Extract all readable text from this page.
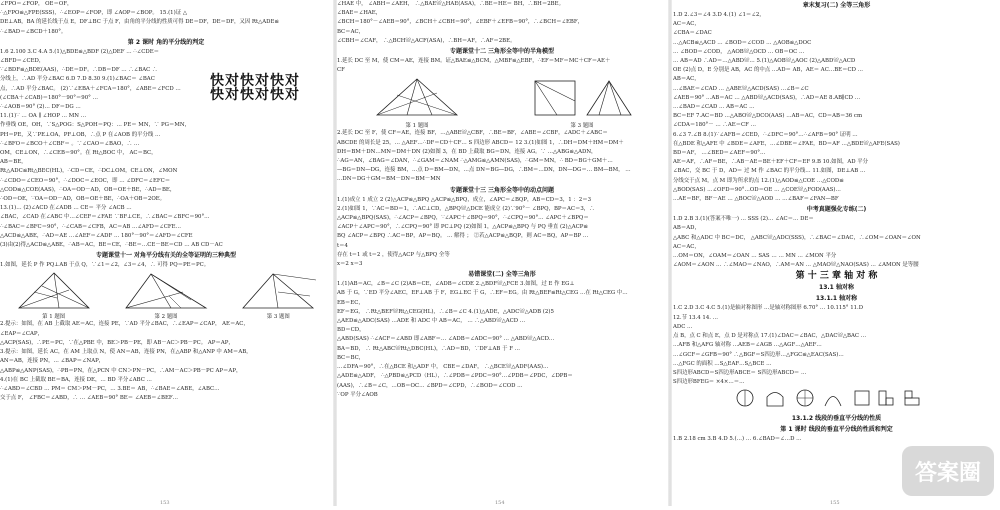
∠FPO＝∠FOP， OE＝OF，
∴△FPO≌△FPE(SSS)，∴∠EOP＝∠FOP，即 ∠AOP＝∠BOP。 15.(1)证 △
DE⊥AB，BA 的延长线于点 E，DF⊥BC 于点 F，由角的平分线的性质可得 DE＝DF，DE＝DF，又因 Rt△ADE≌
∴∠BAD＝∠BCD＋180°。
第 2 课时 角的平分线的判定
1.6 2.100 3.C 4.A 5.(1)△BDE≌△BDF (2)△DEF … ∴∠CDE＝
∠BFD＝∠CED，
∵∠BDF≌△BDE(AAS)，∴DE＝DF。∴DB＝DF … ∴∠BAC ∴
分线上，∴AD 平分∠BAC 6.D 7.D 8.30 9.(1)∠BAC＝ ∠BAC
点，∴AD 平分∠BAC。 (2)∵∠EBA＋∠FCA＝180°，∠ABE＝∠FCD …
(∠CBA＋∠CAB)＝180°－90°＝90° …
∴∠AOB＝90° (2)… DF＝DG …
11.(1)∵ … OA ∥ ∠HOP … MN …
作垂线 OE，OH，∵S△POG：S△POH＝PQ：… PE＝ MN，∵ PG＝MN，
PH＝PE，又∵PE⊥OA，PF⊥OB，∴点 P 在∠AOB 的平分线 …
∴∠BFO＝∠BCO＋∠CBF＝ 。∵∠CAO＝∠BAO，∴ …
OM，CE⊥ON，∴∠CEB＝90°。在 Rt△BOC 中， AC＝BC，
AB＝BE，
Rt△ADC≌Rt△BEC(HL)，∴CD＝CE，∴DC⊥OM，CE⊥ON，∠MON
∴∠CDO＝∠CEO＝90°，∴∠DOC＝∠EOC，即 … ∠DFC＝∠EFC＝
△COD≌△COE(AAS)，∴OA＝OD－AD，OB＝OE＋BE，∴AD＝BE，
∴OD＝OE，∵OA＝OD－AD，OB＝OE＋BE，∴OA＋OB＝2OE。
13.(1)… (2)∠ACD 在∠ADB … CE＝ 平分 ∠ACB …
∠BAC，∠CAD 在∠ABC 中…∠CEF＝∠FAE ∵BF⊥CE，∴∠BAC＝∠BFC＝90°…
∴∠BAC＝∠BFC＝90°，∴∠CAB＝∠CFB，AC＝AB …∠AFD＝∠CFE…
△ACD≌△ABE，∴AD＝AE …∠AEF＝∠ADF … 180°－90°＝∠AFD＝∠CFE
(3)由(2)得△ACD≌△ABE，∴AB＝AC，BE＝CE，∴BE＝…CE－BE＝CD … AB CD－AC
专题课堂十一 对角平分线有关的全等证明的三种典型
1.如图，延长 P 作 PQ⊥AB 于点 Q，∵∠1＝∠2，∠3＝∠4，∴ 可得 PQ＝PE＝PC。
第 1 题图	第 2 题图	第 3 题图
2.提示：如图，在 AB 上截取 AE＝AC，连接 PE，∵AD 平分∠BAC，∴∠EAP＝∠CAP， AE＝AC，
∠EAP＝∠CAP，
△ACP(SAS)，∴PE＝PC，∵在△PBE 中，BE＞PB－PE，即 AB－AC＞PB－PC。 AP＝AP，
3.提示：如图，延长 AC，在 AM 上取点 N，使 AN＝AB，连接 PN，在△ABP 和△ANP 中 AM＝AB，
AN＝AB，连接 PN，… ∠BAP＝∠NAP，
△ABP≌△ANP(SAS)，∴PB＝PN，在△PCN 中 CN＞PN－PC，∴AM－AC＞PB－PC AP＝AP，
4.(1)在 BC 上截取 BE＝BA，连接 DE，… BD 平分∠ABC …
∴∠ABD＝∠CBD … PM＝ CM＞PM－PC，… 3.BE＝ AB，∴∠BAE＝∠ABE，∠ABC…
交于点 F， ∠FBC＝∠ABD，∴ … ∠AEB＝90° BE＝ ∠AEB＝∠BEF…
∠HAE 中， ∠ABH＝∠AEH， ∴△BAE≌△HAE(ASA)，∴BE＝HE＝ BH，∴BH＝2BE。
∠BAE＝∠HAE，
∠BCH＝180°－∠AEB＝90°，∠BCH＋∠CBH＝90°，∠EBF＋∠EFB＝90°，∴∠BCH＝∠EBF，
BC＝AC，
∠CBH＝∠CAF， ∴△BCH≌△ACF(ASA)，∴BH＝AF，∴AF＝2BE。
专题课堂十二 三角形全等中的半角模型
1.延长 DC 至 M，使 CM＝AE，连接 BM。证△BAE≌△BCM，△MBF≌△EBF，∴EF＝MF＝MC＋CF＝AE＋
CF
第 1 题图	第 3 题图
2.延长 DC 至 F，使 CF＝AE，连接 BF，…△ABE≌△CBF，∴BE＝BF，∠ABE＝∠CBF，∠ADC＋∠ABC＝
ABCDE 的周长是 25，… △AEF…∴DF＝CD＋CF… S 四边形 ABCD＝ 12 3.(1)如图 1，∴DH＝DM＋HM＝DM＋
DH＝BM＋DN…MN＝DM＋DN (2)如图 3，在 BD 上截取 BG＝DN，连接 AG。∵ …△ABG≌△ADN，
∴AG＝AN，∠BAG＝∠DAN，∴∠GAM＝∠NAM ∴△AMG≌△AMN(SAS)，∴GM＝MN，∴ BD＝BG＋GM＋…
—BG＝DN—DG，连接 BM，…点 D＝BM—DN，…点 DN＝BG—DG，∴BM＝…DN，DN—DG＝… BM—BM， …
…DN＝DG＋GM＝BM－DN＝BM－MN
专题课堂十三 三角形全等中的动点问题
1.(1)成立 1 成立 2 (2)△ACP≌△BPQ △ACP≌△BPQ，成立，∠APC＝∠BQP，AB＝CD＝3，1 ：2＝3
2.(1)如图 1，∵AC＝BD＝1，∴AC⊥CD，△BPQ≌△DCE 能成立 (2)∵90°－ ∠BPQ，BP＝AC＝3，∴
△ACP≌△BPQ(SAS)，∴∠ACP＝∠BPQ，∵∠APC＋∠BPQ＝90°，∴∠CPQ＝90°… ∠APC＋∠BPQ＝
∠ACP＋∠APC＝90°，∴∠CPQ＝90° 即 PC⊥PQ (2)如图 1，△ACP≌△BPQ 与 PQ 垂直 (2)△ACP≌
BQ ∠ACP＝∠BPQ ∴AC＝BP，AP＝BQ。 … 解得 ； ②若△ACP≌△BQP，则 AC＝BQ，AP＝BP …
t＝4
存在 t＝1 或 t＝2 ，使得△ACP 与△BPQ 全等
x＝2 x＝3
易错课堂(二) 全等三角形
1.(1)AB＝AC，∠B＝∠C (2)AB＝CE，∠ADB＝∠CDE 2.△BDF≌△FCE 3.如图，过 E 作 EG⊥
AB 于 G，∵ED 平分∠AEC，EF⊥AB 于 F，EG⊥EC 于 G，∴EF＝EG。由 Rt△BEF≌Rt△CEG …在 Rt△CEG 中…
EB＝EC，
EF＝EG， ∴Rt△BEF≌Rt△CEG(HL)，∴∠B＝∠C 4.(1)△ADE，△ADC≌△ADB (2)5
△AED≌△ADC(SAS) …ADE 和 ADC 中 AB＝AC， … ∴△ABD≌△ACD …
BD＝CD，
△ABD(SAS) ∴∠ACF＝∠ABD 即∠ABF＝… ∠ADB＝∠ADC＝90° … △ABD≌△ACD…
BA＝BD， ∴ Rt△ABC≌Rt△DBC(HL)，∴AD＝BD，∵DF⊥AB 于 F …
BC＝BC，
…∠DFA＝90°，∴在△BCE 和△ADF 中， CBE＝∠DAF， ∴△BCE≌△ADF(AAS)…
△ADE≌△ADF， ∴△PBD≌△PCD（HL），∴∠PDB＝∠PDC＝90°…∠PDB＝∠PDC，∠DPB＝
(AAS)，∴∠B＝∠C，…OB＝OC… ∠BPD＝∠CPD，∴∠BOD＝∠COD …
∵OP 平分∠AOB
章末复习(二) 全等三角形
1.D 2.∠3＝∠4 3.D 4.(1) ∠1＝∠2，
AC＝AC，
∠CBA＝∠DAC
…△ACB≌△ACD … ∠BOD＝∠COD … △AOB≌△DOC
… ∠BOD＝∠COD， △AOB≌△OCD … OB＝OC …
… AB＝AD ∴AD＝…△ABD≌… 5.(1)△AOB≌△AOC (2)△ABD≌△ACD
OE (2)点 D，E 分别是 AB，AC 的中点 …AD＝ AB，AE＝ AC…BE＝CD …
AB＝AC，
…∠BAE＝∠CAD … △ABE≌△ACD(SAS) …∠B＝∠C
∠AEB＝90° …AB＝AC … △ABD≌△ACD(SAS)，∴AD＝AE 8.AB∥CD …
…∠BAD＝∠CAD … AB＝AC …
BC＝EF 7.AC＝BD …△ABO≌△DCO(AAS) …AB＝AC，CD＝AB＝36 cm
∠CDA＝180°－ … ∴AE＝CF …
6.∠3 7.∠B 8.(1)∵∠AFB＝∠CED，∴∠DFC＝90°…∴∠AFB＝90° 证明 …
在△BDE 和△AFE 中 ∠BDE＝∠AFE，…∠DBE＝∠FAE，BD＝AF …△BDE≌△AFE(SAS)
BD＝AF， …∠BED＝∠AEF＝90°…
AE＝AF，∴AF＝BE，∴AB－AE＝BE＋EF＋CF＝EF 9.B 10.如图，AD 平分
∠BAC，交 BC 于 D，AD＝ 过 M 作 ∠BAC 的平分线… 11.如图，DE⊥AB …
分线交于点 M，点 M 即为所求的点 12.(1)△AOD≌△COE …△COD≌
△BOD(SAS) …∠OFD＝90°…OD＝OE … △COE≌△FOD(AAS)…
…AE＝BF，BF－AE … △BOC≌△AOD … …∠BAF＝∠FAN—BF
中考真题强化专练(二)
1.D 2.B 3.(1)(答案不唯一) … SSS (2)… ∠AC＝… DE＝
AB＝AD，
△ABC 和△ADC 中 BC＝DC， △ABC≌△ADC(SSS)，∴∠BAC＝∠DAC，∴∠OM＝∠OAN＝∠ON
AC＝AC，
…OM＝ON，∠OAM＝∠OAN … SAS … … MN … ∠MON 平分
∠AOM＝∠AON … ∴∠MAO＝∠NAO，∴AM＝AN … △MAO≌△NAO(SAS) … ∠AMON 是等腰
第 十 三 章 轴 对 称
13.1 轴对称
13.1.1 轴对称
1.C 2.D 3.C 4.C 5.(1)是轴对称图形 …是轴对称图形 6.70° … 10.115° 11.D
12.节 13.4 14. …
ADC …
点 B，点 C 和点 E，点 D 是对称点 17.(1)∠DAC＝∠BAC，△DAC≌△BAC …
…AFB 和△AFG 轴对称 …AEB＝∠AGB …△AGF…△AEF…
…∠GCF＝∠GFB＝90° ∴△BGF＝S四边形…△FGC≌△EAC(SAS)…
…△FGC 的面积 …S△EAF…S△BCE …
S四边形ABCD＝S四边形ABCE＝ S四边形ABCD＝ …
S四边形BFEG＝ ×4×…＝…
13.1.2 线段的垂直平分线的性质
第 1 课时 线段的垂直平分线的性质和判定
1.B 2.18 cm 3.B 4.D 5.(…) … 6.∠BAD＝∠…D …
快对快对快对
快对快对快对
答案圈
153	154	155
